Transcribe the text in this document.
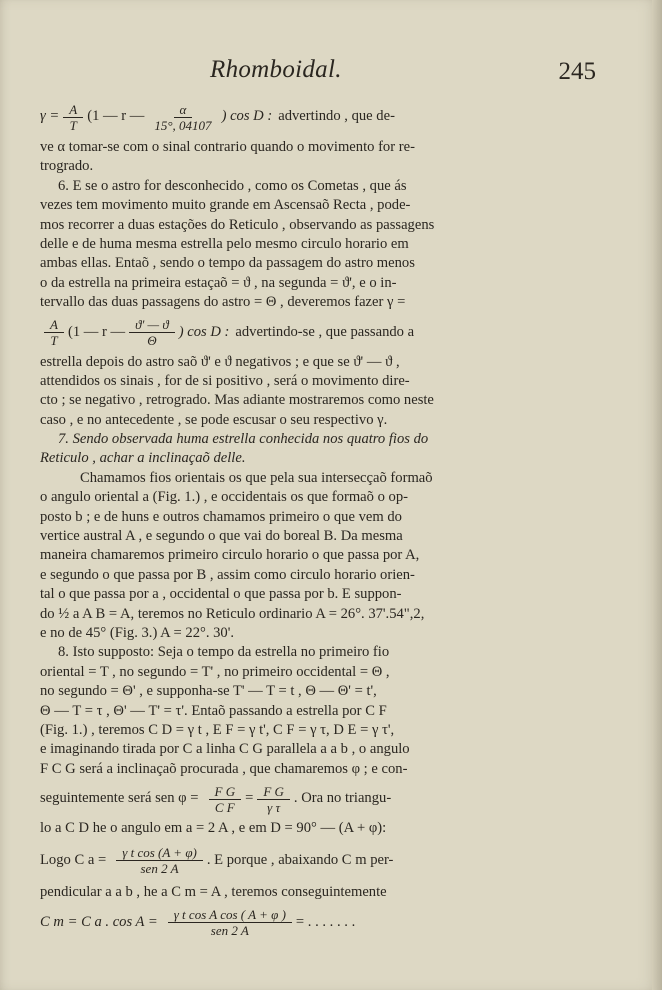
Rhomboidal.	245
$\gamma = \frac{A}{T} (1$ — r — $\frac{\alpha}{15^\circ, 04107}$ ) cos D : advertindo , que de-
ve α tomar-se com o sinal contrario quando o movimento for re-
trogrado.
6. E se o astro for desconhecido , como os Cometas , que ás
vezes tem movimento muito grande em Ascensaõ Recta , pode-
mos recorrer a duas estações do Reticulo , observando as passagens
delle e de huma mesma estrella pelo mesmo circulo horario em
ambas ellas. Entaõ , sendo o tempo da passagem do astro menos
o da estrella na primeira estaçaõ = ϑ , na segunda = ϑ', e o in-
tervallo das duas passagens do astro = Θ , deveremos fazer γ =
$\frac{A}{T} (1$ — r — $\frac{ϑ' — ϑ}{\Theta}$ ) cos D : advertindo-se , que passando a
estrella depois do astro saõ ϑ' e ϑ negativos ; e que se ϑ' — ϑ ,
attendidos os sinais , for de si positivo , será o movimento dire-
cto ; se negativo , retrogrado. Mas adiante mostraremos como neste
caso , e no antecedente , se pode escusar o seu respectivo γ.
7. Sendo observada huma estrella conhecida nos quatro fios do
Reticulo , achar a inclinaçaõ delle.
Chamamos fios orientais os que pela sua intersecçaõ formaõ
o angulo oriental a (Fig. 1.) , e occidentais os que formaõ o op-
posto b ; e de huns e outros chamamos primeiro o que vem do
vertice austral A , e segundo o que vai do boreal B. Da mesma
maneira chamaremos primeiro circulo horario o que passa por A,
e segundo o que passa por B , assim como circulo horario orien-
tal o que passa por a , occidental o que passa por b. E suppon-
do ½ a A B = A, teremos no Reticulo ordinario A = 26°. 37'.54",2,
e no de 45° (Fig. 3.) A = 22°. 30'.
8. Isto supposto: Seja o tempo da estrella no primeiro fio
oriental = T , no segundo = T' , no primeiro occidental = Θ ,
no segundo = Θ' , e supponha-se T' — T = t , Θ — Θ' = t',
Θ — T = τ , Θ' — T' = τ'. Entaõ passando a estrella por C F
(Fig. 1.) , teremos C D = γ t , E F = γ t', C F = γ τ, D E = γ τ',
e imaginando tirada por C a linha C G parallela a a b , o angulo
F C G será a inclinaçaõ procurada , que chamaremos φ ; e con-
seguintemente será sen $\varphi = \frac{\text{F G}}{\text{C F}} = \frac{\text{F G}}{\text{γ τ}}$ . Ora no triangu-
lo a C D he o angulo em a = 2 A , e em D = 90° — (A + φ):
Logo C $a = \frac{\text{γ t cos (A + φ)}}{\text{sen 2 A}}$ . E porque , abaixando C m per-
pendicular a a b , he a C m = A , teremos conseguintemente
C m = C a . $\cos A = \frac{\text{γ t cos A cos ( A + φ )}}{\text{sen 2 A}}$ = . . . . . . .
